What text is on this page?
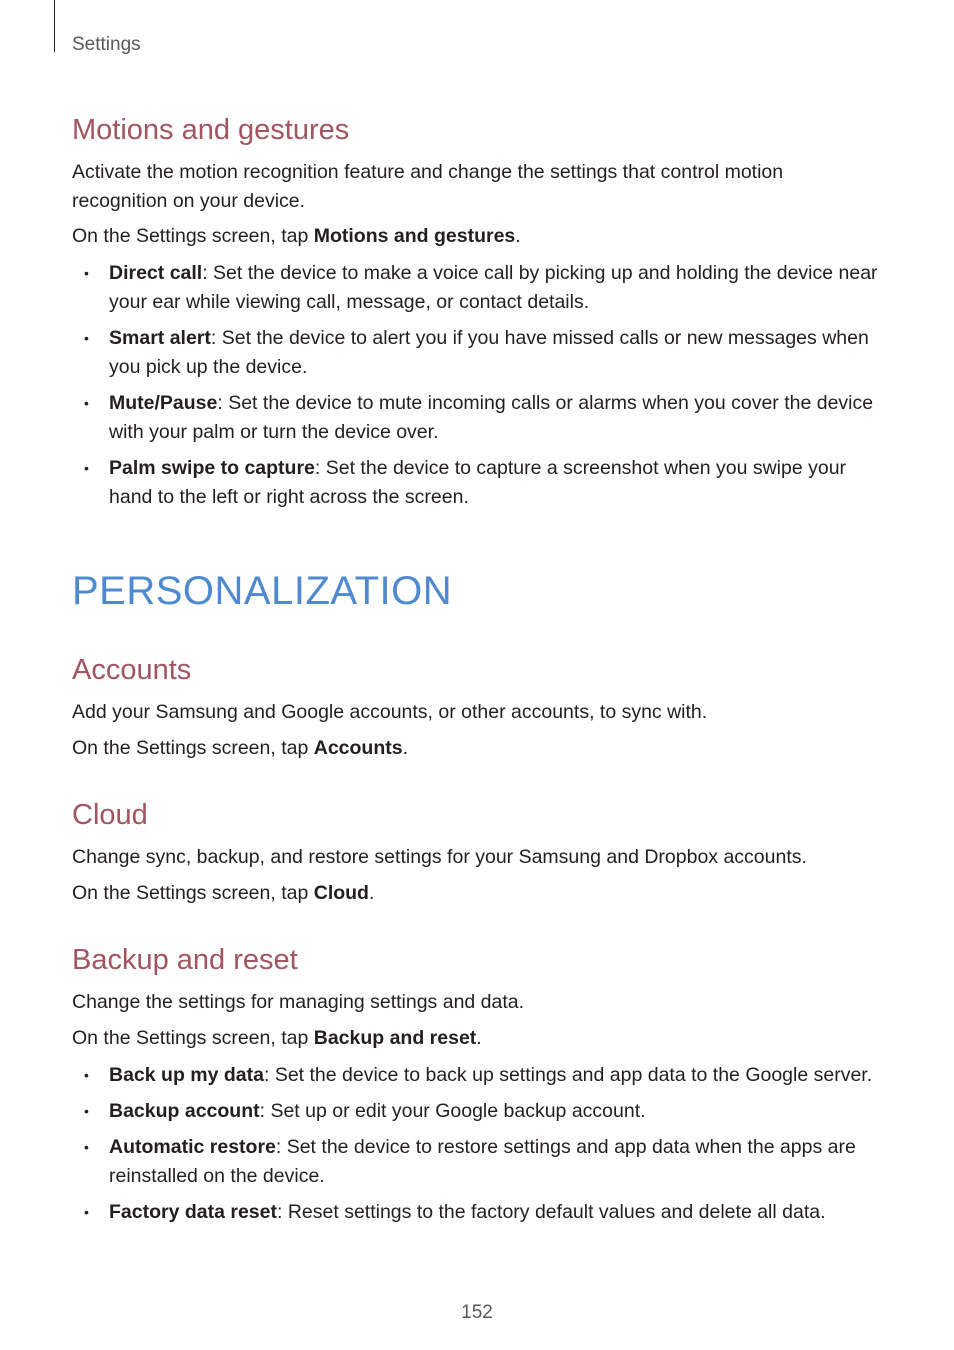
Settings
Motions and gestures

Activate the motion recognition feature and change the settings that control motion recognition on your device.

On the Settings screen, tap Motions and gestures.

• Direct call: Set the device to make a voice call by picking up and holding the device near your ear while viewing call, message, or contact details.
• Smart alert: Set the device to alert you if you have missed calls or new messages when you pick up the device.
• Mute/Pause: Set the device to mute incoming calls or alarms when you cover the device with your palm or turn the device over.
• Palm swipe to capture: Set the device to capture a screenshot when you swipe your hand to the left or right across the screen.
PERSONALIZATION
Accounts

Add your Samsung and Google accounts, or other accounts, to sync with.

On the Settings screen, tap Accounts.

Cloud

Change sync, backup, and restore settings for your Samsung and Dropbox accounts.

On the Settings screen, tap Cloud.

Backup and reset

Change the settings for managing settings and data.

On the Settings screen, tap Backup and reset.

• Back up my data: Set the device to back up settings and app data to the Google server.
• Backup account: Set up or edit your Google backup account.
• Automatic restore: Set the device to restore settings and app data when the apps are reinstalled on the device.
• Factory data reset: Reset settings to the factory default values and delete all data.
152
